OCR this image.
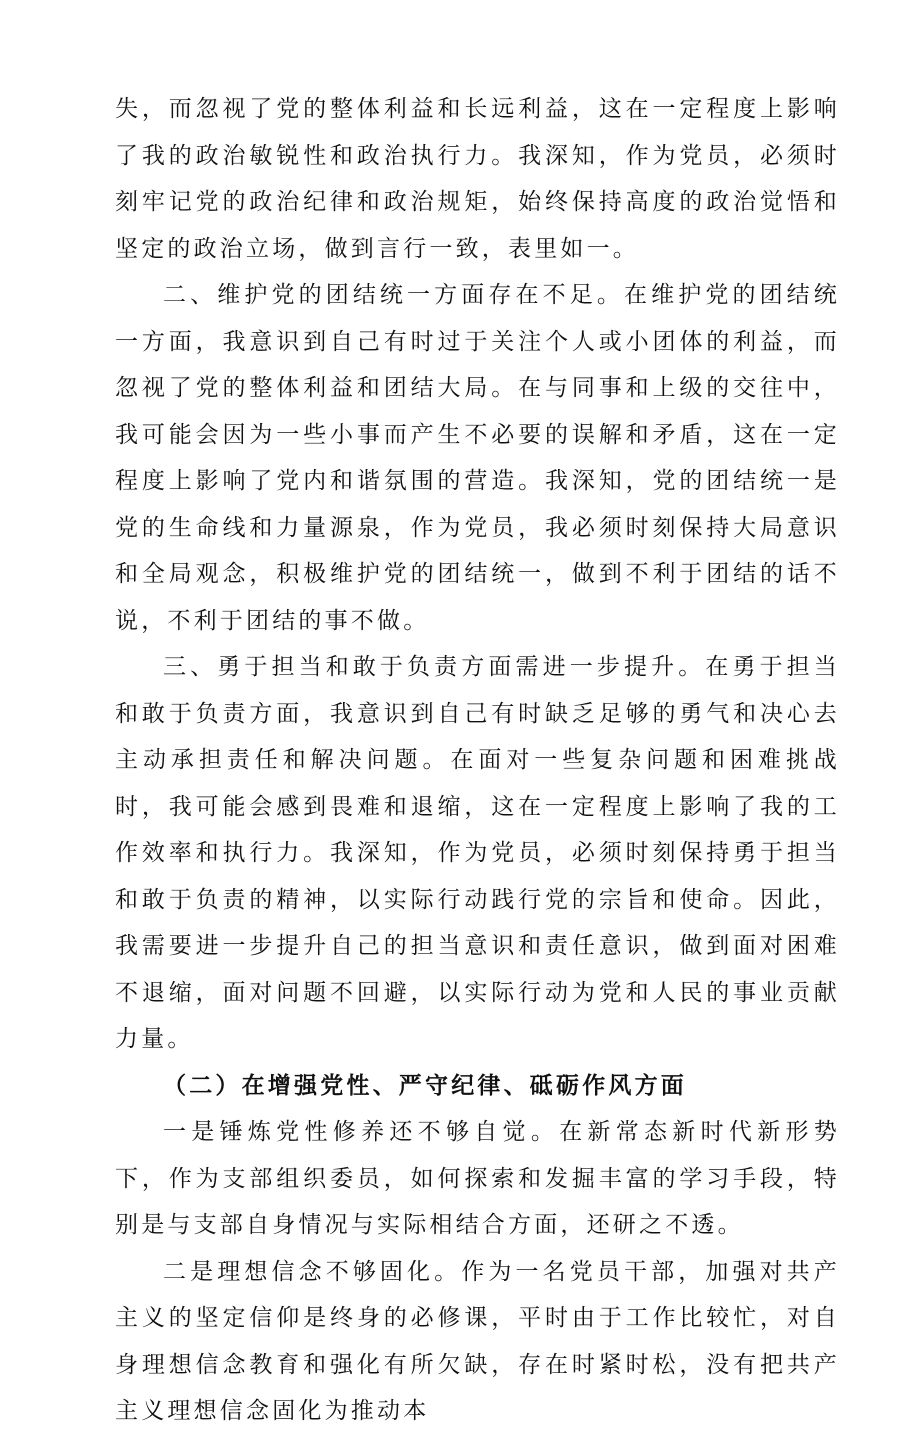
失，而忽视了党的整体利益和长远利益，这在一定程度上影响了我的政治敏锐性和政治执行力。我深知，作为党员，必须时刻牢记党的政治纪律和政治规矩，始终保持高度的政治觉悟和坚定的政治立场，做到言行一致，表里如一。

二、维护党的团结统一方面存在不足。在维护党的团结统一方面，我意识到自己有时过于关注个人或小团体的利益，而忽视了党的整体利益和团结大局。在与同事和上级的交往中，我可能会因为一些小事而产生不必要的误解和矛盾，这在一定程度上影响了党内和谐氛围的营造。我深知，党的团结统一是党的生命线和力量源泉，作为党员，我必须时刻保持大局意识和全局观念，积极维护党的团结统一，做到不利于团结的话不说，不利于团结的事不做。

三、勇于担当和敢于负责方面需进一步提升。在勇于担当和敢于负责方面，我意识到自己有时缺乏足够的勇气和决心去主动承担责任和解决问题。在面对一些复杂问题和困难挑战时，我可能会感到畏难和退缩，这在一定程度上影响了我的工作效率和执行力。我深知，作为党员，必须时刻保持勇于担当和敢于负责的精神，以实际行动践行党的宗旨和使命。因此，我需要进一步提升自己的担当意识和责任意识，做到面对困难不退缩，面对问题不回避，以实际行动为党和人民的事业贡献力量。

（二）在增强党性、严守纪律、砥砺作风方面

一是锤炼党性修养还不够自觉。在新常态新时代新形势下，作为支部组织委员，如何探索和发掘丰富的学习手段，特别是与支部自身情况与实际相结合方面，还研之不透。

二是理想信念不够固化。作为一名党员干部，加强对共产主义的坚定信仰是终身的必修课，平时由于工作比较忙，对自身理想信念教育和强化有所欠缺，存在时紧时松，没有把共产主义理想信念固化为推动本
